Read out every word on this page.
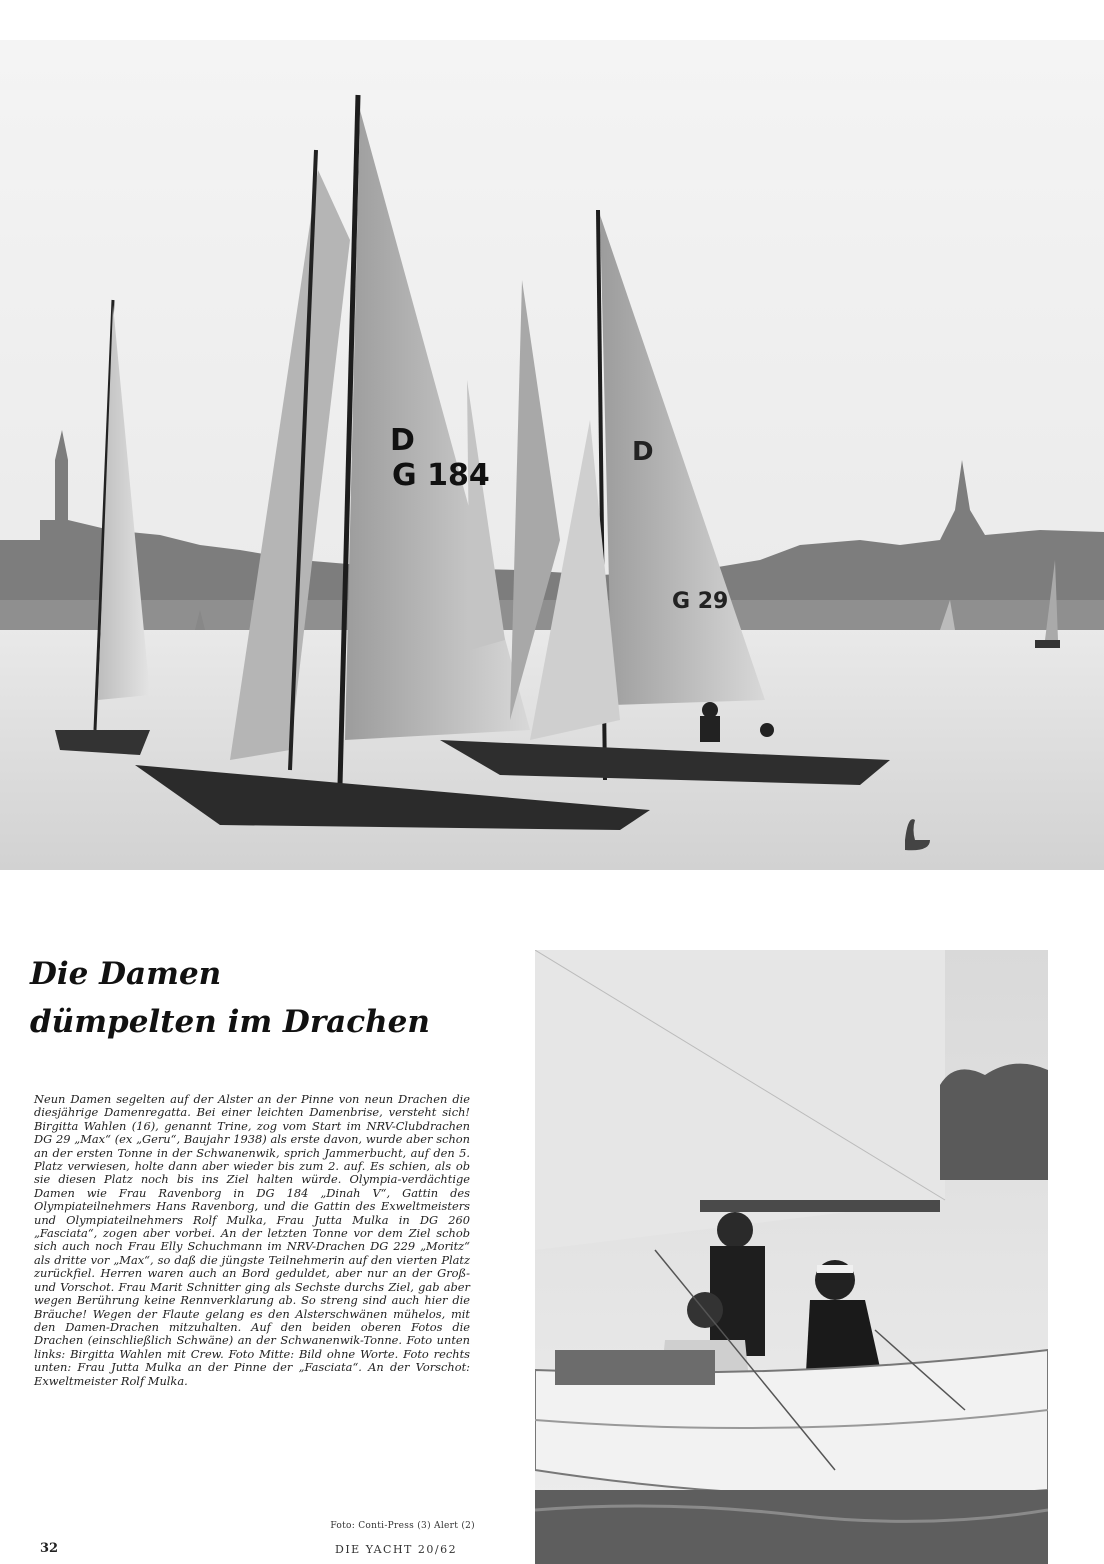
D
G 184
D
G 29
Die Damen
dümpelten im Drachen
Neun Damen segelten auf der Alster an der Pinne von neun Drachen die diesjährige Damenregatta. Bei einer leichten Damenbrise, versteht sich! Birgitta Wahlen (16), genannt Trine, zog vom Start im NRV-Clubdrachen DG 29 „Max“ (ex „Geru“, Baujahr 1938) als erste davon, wurde aber schon an der ersten Tonne in der Schwanenwik, sprich Jammerbucht, auf den 5. Platz verwiesen, holte dann aber wieder bis zum 2. auf. Es schien, als ob sie diesen Platz noch bis ins Ziel halten würde. Olympia-verdächtige Damen wie Frau Ravenborg in DG 184 „Dinah V“, Gattin des Olympiateilnehmers Hans Ravenborg, und die Gattin des Exweltmeisters und Olympiateilnehmers Rolf Mulka, Frau Jutta Mulka in DG 260 „Fasciata“, zogen aber vorbei. An der letzten Tonne vor dem Ziel schob sich auch noch Frau Elly Schuchmann im NRV-Drachen DG 229 „Moritz“ als dritte vor „Max“, so daß die jüngste Teilnehmerin auf den vierten Platz zurückfiel. Herren waren auch an Bord geduldet, aber nur an der Groß- und Vorschot. Frau Marit Schnitter ging als Sechste durchs Ziel, gab aber wegen Berührung keine Rennverklarung ab. So streng sind auch hier die Bräuche! Wegen der Flaute gelang es den Alsterschwänen mühelos, mit den Damen-Drachen mitzuhalten. Auf den beiden oberen Fotos die Drachen (einschließlich Schwäne) an der Schwanenwik-Tonne. Foto unten links: Birgitta Wahlen mit Crew. Foto Mitte: Bild ohne Worte. Foto rechts unten: Frau Jutta Mulka an der Pinne der „Fasciata“. An der Vorschot: Exweltmeister Rolf Mulka.
Foto: Conti-Press (3) Alert (2)
32	DIE YACHT 20/62
